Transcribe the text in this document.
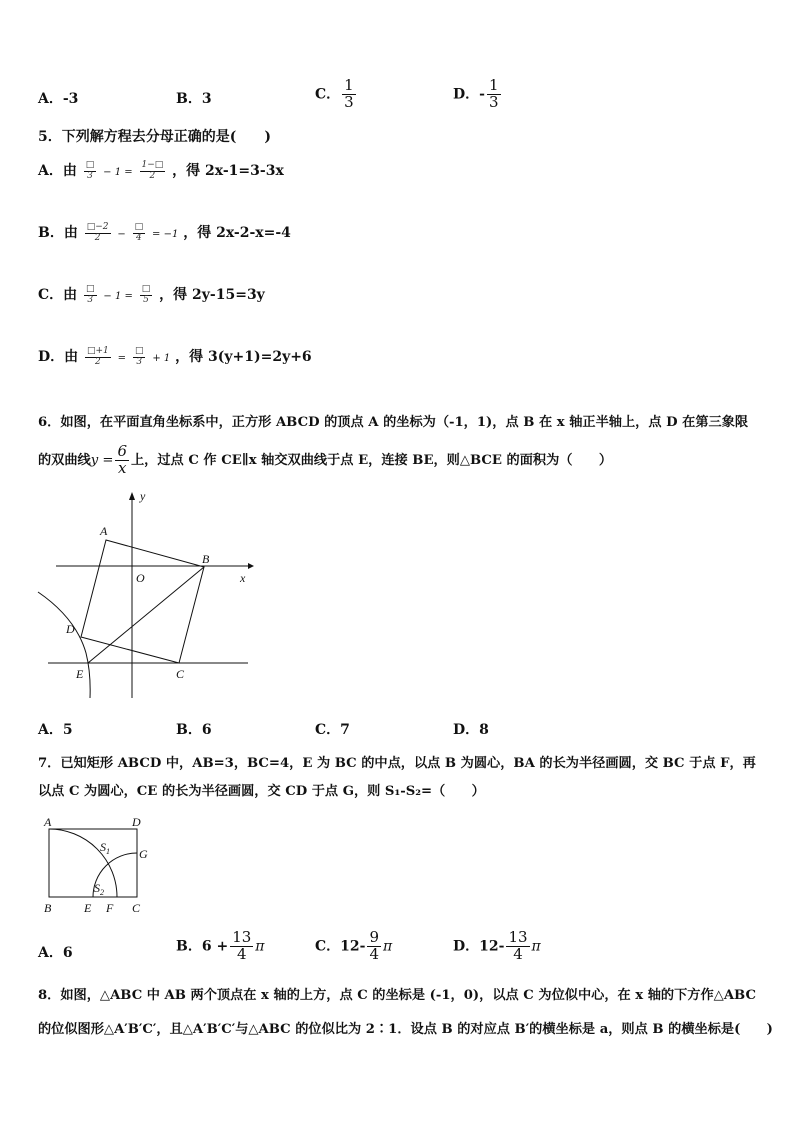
A．-3	B．3	C． $\frac{1}{3}$	D．- $\frac{1}{3}$
5．下列解方程去分母正确的是(　　)
A．由 $\frac{□}{3} - 1 = \frac{1-□}{2}$ ，得 2x-1=3-3x
B．由 $\frac{□-2}{2} - \frac{□}{4} = -1$ ，得 2x-2-x=-4
C．由 $\frac{□}{3} - 1 = \frac{□}{5}$ ，得 2y-15=3y
D．由 $\frac{□+1}{2} = \frac{□}{3} + 1$ ，得 3(y+1)=2y+6
6．如图，在平面直角坐标系中，正方形 ABCD 的顶点 A 的坐标为（-1，1)，点 B 在 x 轴正半轴上，点 D 在第三象限
的双曲线$y = \frac{6}{x}$ 上，过点 C 作 CE∥x 轴交双曲线于点 E，连接 BE，则△BCE 的面积为（　　）
A
B
C
D
E
O	x
y
A．5	B．6	C．7	D．8
7．已知矩形 ABCD 中，AB=3，BC=4，E 为 BC 的中点，以点 B 为圆心，BA 的长为半径画圆，交 BC 于点 F，再
以点 C 为圆心，CE 的长为半径画圆，交 CD 于点 G，则 S₁-S₂=（　　）
A	D
B	C
E F
G
$S_1$
$S_2$
A．6	B．$6 + \frac{13}{4}$ π	C．$12- \frac{9}{4}$ π	D．$12- \frac{13}{4}$ π
8．如图，△ABC 中 AB 两个顶点在 x 轴的上方，点 C 的坐标是 (-1，0)，以点 C 为位似中心，在 x 轴的下方作△ABC
的位似图形△A′B′C′，且△A′B′C′与△ABC 的位似比为 2∶1．设点 B 的对应点 B′的横坐标是 a，则点 B 的横坐标是(　　)
